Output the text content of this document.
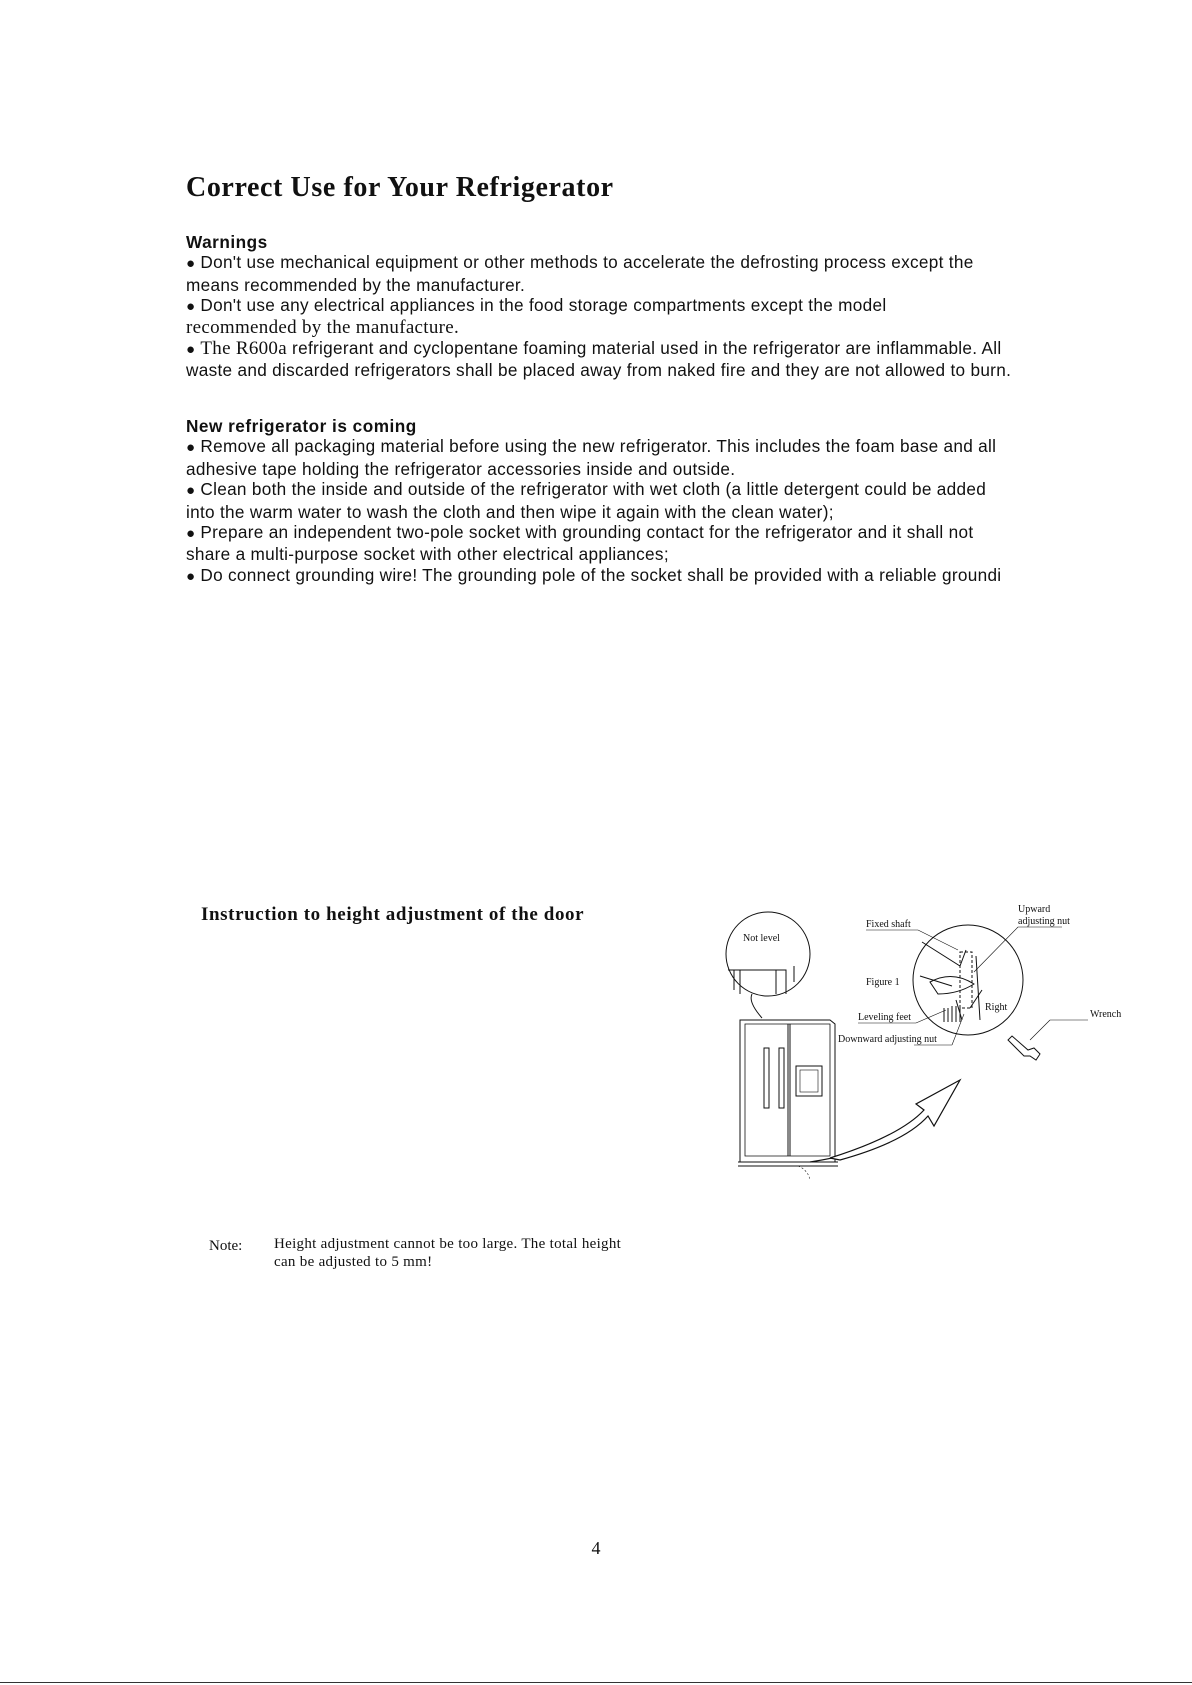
Correct Use for Your Refrigerator
Warnings

● Don't use mechanical equipment or other methods to accelerate the defrosting process except the means recommended by the manufacturer.

● Don't use any electrical appliances in the food storage compartments except the model

recommended by the manufacture.

● The R600a refrigerant and cyclopentane foaming material used in the refrigerator are inflammable. All waste and discarded refrigerators shall be placed away from naked fire and they are not allowed to burn.

New refrigerator is coming

● Remove all packaging material before using the new refrigerator. This includes the foam base and all adhesive tape holding the refrigerator accessories inside and outside.

● Clean both the inside and outside of the refrigerator with wet cloth (a little detergent could be added into the warm water to wash the cloth and then wipe it again with the clean water);

● Prepare an independent two-pole socket with grounding contact for the refrigerator and it shall not share a multi-purpose socket with other electrical appliances;

● Do connect grounding wire! The grounding pole of the socket shall be provided with a reliable groundi

Instruction to height adjustment of the door
Not level
Right
Fixed shaft
Figure 1
Upward
adjusting nut
Leveling feet
Downward adjusting nut
Wrench
Note: Height adjustment cannot be too large. The total height can be adjusted to 5 mm!
4
